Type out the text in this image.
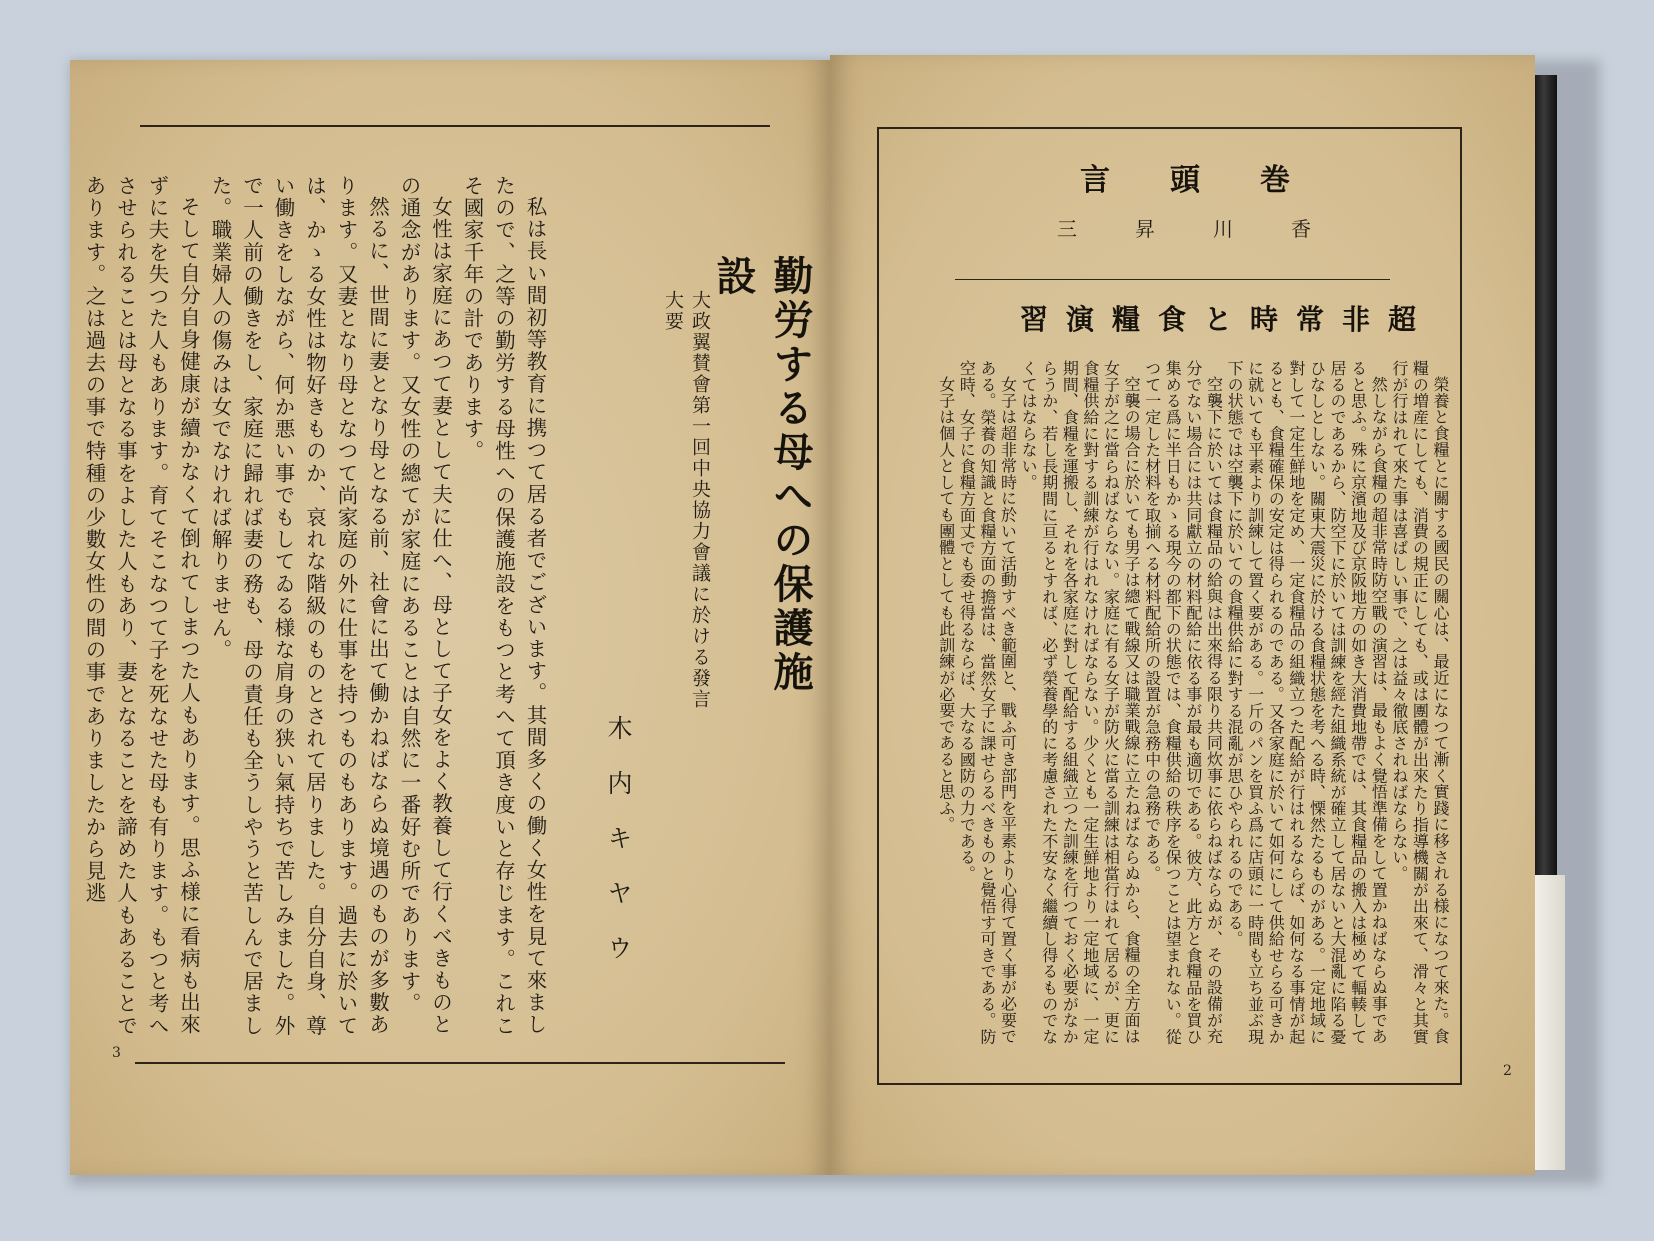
勤労する母への保護施設
大政翼賛會第一回中央協力會議に於ける發言大要
木内キヤウ

私は長い間初等教育に携つて居る者でございます。其間多くの働く女性を見て來ましたので、之等の勤労する母性への保護施設をもつと考へて頂き度いと存じます。これこそ國家千年の計であります。

女性は家庭にあつて妻として夫に仕へ、母として子女をよく教養して行くべきものとの通念があります。又女性の總てが家庭にあることは自然に一番好む所であります。

然るに、世間に妻となり母となる前、社會に出て働かねばならぬ境遇のものが多數あります。又妻となり母となつて尚家庭の外に仕事を持つものもあります。過去に於いては、かゝる女性は物好きものか、哀れな階級のものとされて居りました。自分自身、尊い働きをしながら、何か悪い事でもしてゐる様な肩身の狭い氣持ちで苦しみました。外で一人前の働きをし、家庭に歸れば妻の務も、母の責任も全うしやうと苦しんで居ました。職業婦人の傷みは女でなければ解りません。

そして自分自身健康が續かなくて倒れてしまつた人もあります。思ふ様に看病も出來ずに夫を失つた人もあります。育てそこなつて子を死なせた母も有ります。もつと考へさせられることは母となる事をよした人もあり、妻となることを諦めた人もあることであります。之は過去の事で特種の少數女性の間の事でありましたから見逃

3
巻頭言
香川昇三
超非常時と食糧演習

榮養と食糧とに關する國民の關心は、最近になつて漸く實踐に移される様になつて來た。食糧の増産にしても、消費の規正にしても、或は團體が出來たり指導機關が出來て、滑々と其實行が行はれて來た事は喜ばしい事で、之は益々徹底されねばならない。

然しながら食糧の超非常時防空戰の演習は、最もよく覺悟準備をして置かねばならぬ事であると思ふ。殊に京濱地及び京阪地方の如き大消費地帶では、其食糧品の搬入は極めて輻輳して居るのであるから、防空下に於いては訓練を經た組織系統が確立して居ないと大混亂に陷る憂ひなしとしない。關東大震災に於ける食糧状態を考へる時、慄然たるものがある。一定地域に對して一定生鮮地を定め、一定食糧品の組織立つた配給が行はれるならば、如何なる事情が起るとも、食糧確保の安定は得られるのである。又各家庭に於いて如何にして供給せらる可きかに就いても平素より訓練して置く要がある。一斤のパンを買ふ爲に店頭に一時間も立ち並ぶ現下の状態では空襲下に於いての食糧供給に對する混亂が思ひやられるのである。

空襲下に於いては食糧品の給與は出來得る限り共同炊事に依らねばならぬが、その設備が充分でない場合には共同獻立の材料配給に依る事が最も適切である。彼方、此方と食糧品を買ひ集める爲に半日もかゝる現今の都下の状態では、食糧供給の秩序を保つことは望まれない。從つて一定した材料を取揃へる材料配給所の設置が急務中の急務である。

空襲の場合に於いても男子は總て戰線又は職業戰線に立たねばならぬから、食糧の全方面は女子が之に當らねばならない。家庭に有る女子が防火に當る訓練は相當行はれて居るが、更に食糧供給に對する訓練が行はれなければならない。少くとも一定生鮮地より一定地域に、一定期間、食糧を運搬し、それを各家庭に對して配給する組織立つた訓練を行つておく必要がなからうか、若し長期間に亘るとすれば、必ず榮養學的に考慮された不安なく繼續し得るものでなくてはならない。

女子は超非常時に於いて活動すべき範圍と、戰ふ可き部門を平素より心得て置く事が必要である。榮養の知識と食糧方面の擔當は、當然女子に課せらるべきものと覺悟す可きである。防空時、女子に食糧方面丈でも委せ得るならば、大なる國防の力である。

女子は個人としても團體としても此訓練が必要であると思ふ。

2
